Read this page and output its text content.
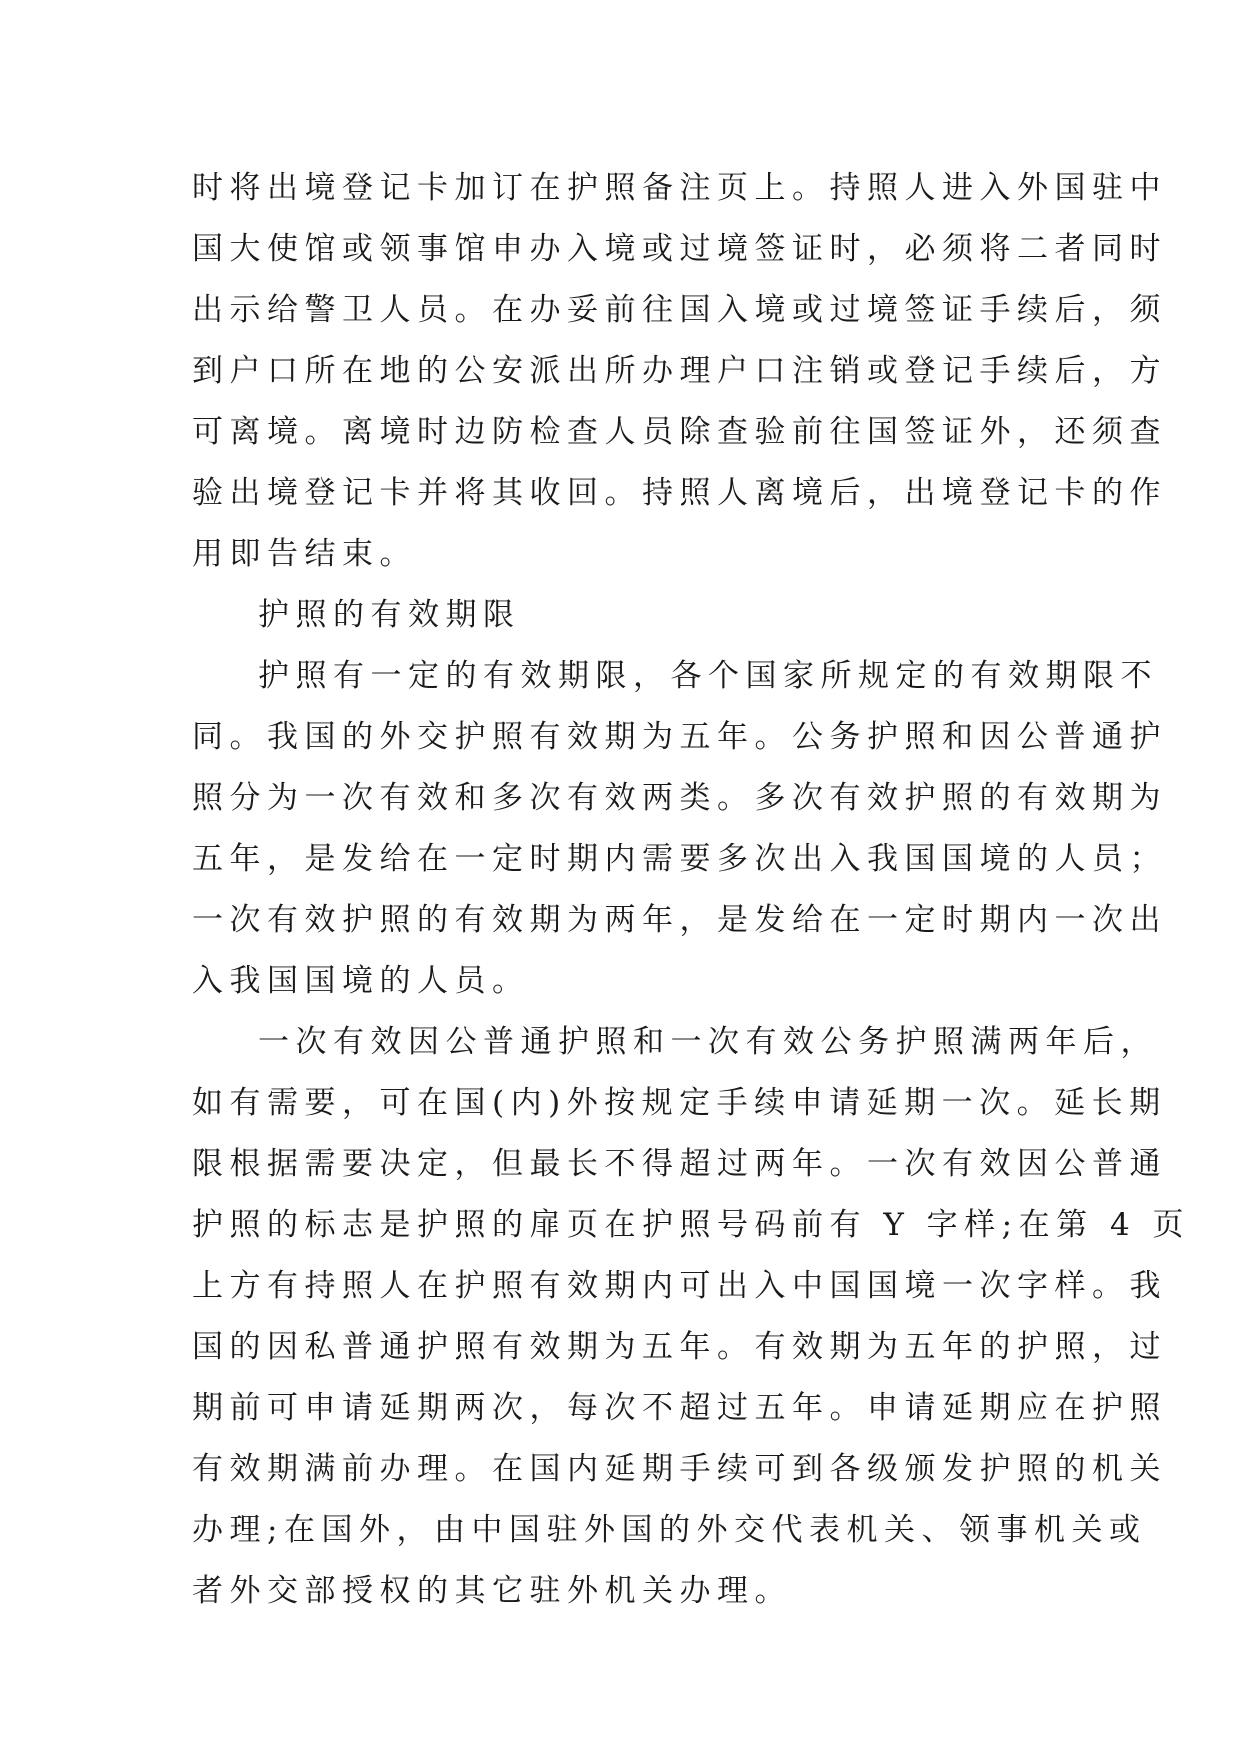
时将出境登记卡加订在护照备注页上。持照人进入外国驻中
国大使馆或领事馆申办入境或过境签证时，必须将二者同时
出示给警卫人员。在办妥前往国入境或过境签证手续后，须
到户口所在地的公安派出所办理户口注销或登记手续后，方
可离境。离境时边防检查人员除查验前往国签证外，还须查
验出境登记卡并将其收回。持照人离境后，出境登记卡的作
用即告结束。
护照的有效期限
护照有一定的有效期限，各个国家所规定的有效期限不
同。我国的外交护照有效期为五年。公务护照和因公普通护
照分为一次有效和多次有效两类。多次有效护照的有效期为
五年，是发给在一定时期内需要多次出入我国国境的人员；
一次有效护照的有效期为两年，是发给在一定时期内一次出
入我国国境的人员。
一次有效因公普通护照和一次有效公务护照满两年后，
如有需要，可在国(内)外按规定手续申请延期一次。延长期
限根据需要决定，但最长不得超过两年。一次有效因公普通
护照的标志是护照的扉页在护照号码前有 Y 字样;在第 4 页
上方有持照人在护照有效期内可出入中国国境一次字样。我
国的因私普通护照有效期为五年。有效期为五年的护照，过
期前可申请延期两次，每次不超过五年。申请延期应在护照
有效期满前办理。在国内延期手续可到各级颁发护照的机关
办理;在国外，由中国驻外国的外交代表机关、领事机关或
者外交部授权的其它驻外机关办理。
